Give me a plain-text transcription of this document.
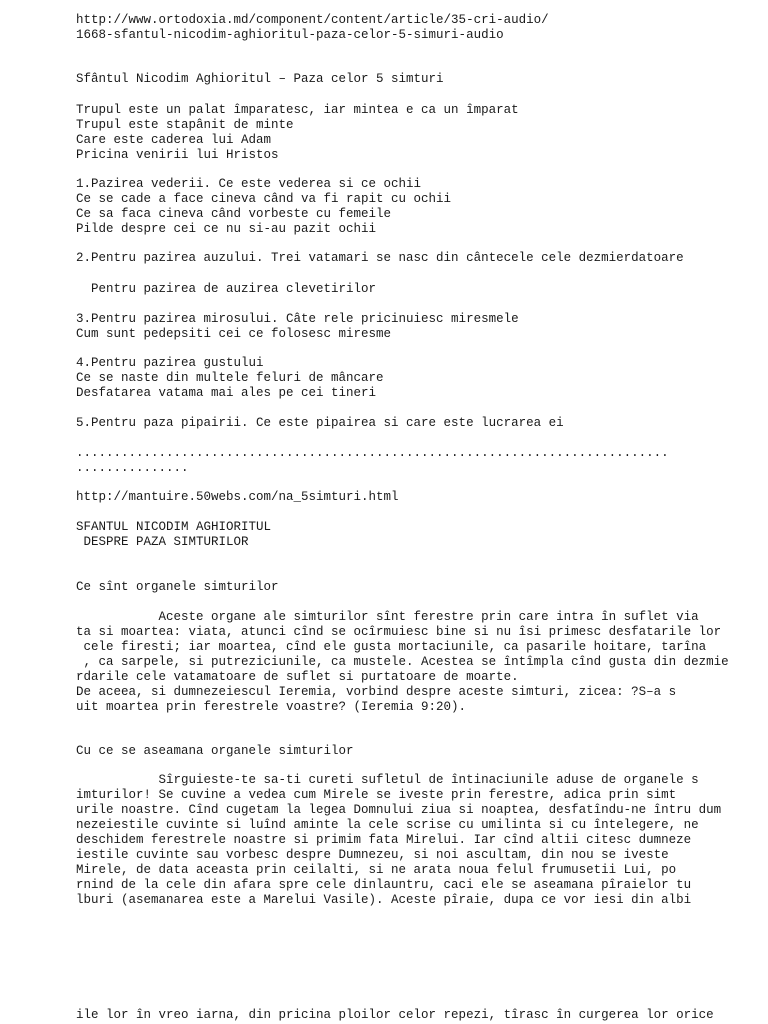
http://www.ortodoxia.md/component/content/article/35-cri-audio/

1668-sfantul-nicodim-aghioritul-paza-celor-5-simuri-audio

Sfântul Nicodim Aghioritul – Paza celor 5 simturi

Trupul este un palat împaratesc, iar mintea e ca un împarat

Trupul este stapânit de minte

Care este caderea lui Adam

Pricina venirii lui Hristos

1.Pazirea vederii. Ce este vederea si ce ochii

Ce se cade a face cineva când va fi rapit cu ochii

Ce sa faca cineva când vorbeste cu femeile

Pilde despre cei ce nu si-au pazit ochii

2.Pentru pazirea auzului. Trei vatamari se nasc din cântecele cele dezmierdatoare

Pentru pazirea de auzirea clevetirilor

3.Pentru pazirea mirosului. Câte rele pricinuiesc miresmele

Cum sunt pedepsiti cei ce folosesc miresme

4.Pentru pazirea gustului

Ce se naste din multele feluri de mâncare

Desfatarea vatama mai ales pe cei tineri

5.Pentru paza pipairii. Ce este pipairea si care este lucrarea ei

...............................................................................

...............

http://mantuire.50webs.com/na_5simturi.html

SFANTUL NICODIM AGHIORITUL

DESPRE PAZA SIMTURILOR

Ce sînt organele simturilor

Aceste organe ale simturilor sînt ferestre prin care intra în suflet via

ta si moartea: viata, atunci cînd se ocîrmuiesc bine si nu îsi primesc desfatarile lor

cele firesti; iar moartea, cînd ele gusta mortaciunile, ca pasarile hoitare, tarîna

, ca sarpele, si putreziciunile, ca mustele. Acestea se întîmpla cînd gusta din dezmie

rdarile cele vatamatoare de suflet si purtatoare de moarte.

De aceea, si dumnezeiescul Ieremia, vorbind despre aceste simturi, zicea: ?S–a s

uit moartea prin ferestrele voastre? (Ieremia 9:20).

Cu ce se aseamana organele simturilor

Sîrguieste-te sa-ti cureti sufletul de întinaciunile aduse de organele s

imturilor! Se cuvine a vedea cum Mirele se iveste prin ferestre, adica prin simt

urile noastre. Cînd cugetam la legea Domnului ziua si noaptea, desfatîndu-ne întru dum

nezeiestile cuvinte si luînd aminte la cele scrise cu umilinta si cu întelegere, ne

deschidem ferestrele noastre si primim fata Mirelui. Iar cînd altii citesc dumneze

iestile cuvinte sau vorbesc despre Dumnezeu, si noi ascultam, din nou se iveste

Mirele, de data aceasta prin ceilalti, si ne arata noua felul frumusetii Lui, po

rnind de la cele din afara spre cele dinlauntru, caci ele se aseamana pîraielor tu

lburi (asemanarea este a Marelui Vasile). Aceste pîraie, dupa ce vor iesi din albi

ile lor în vreo iarna, din pricina ploilor celor repezi, tîrasc în curgerea lor orice
